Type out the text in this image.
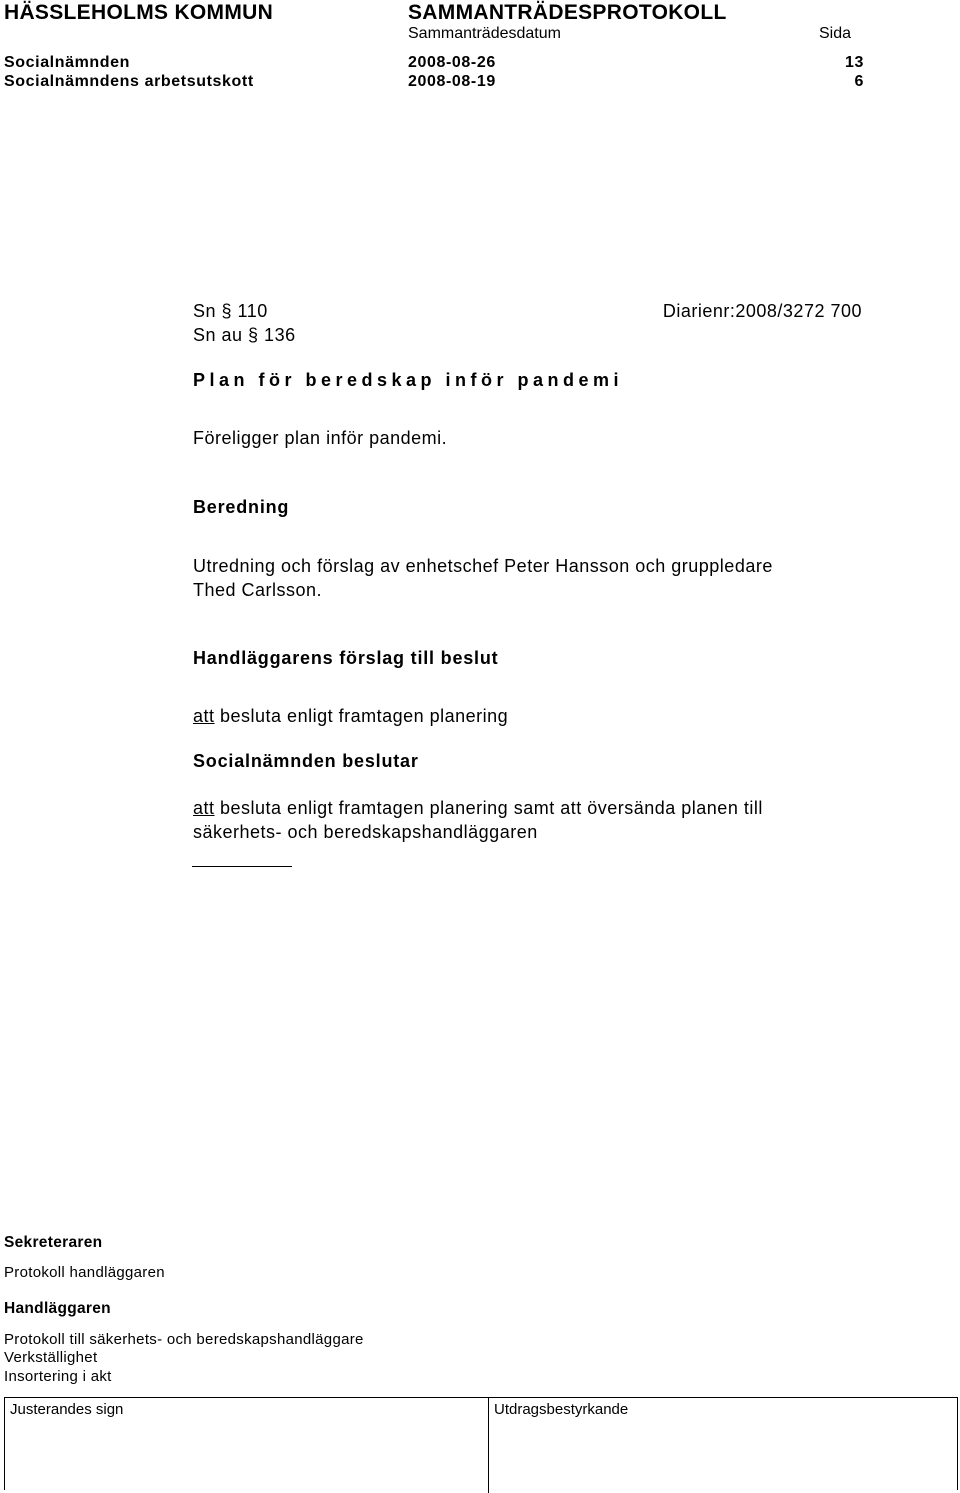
HÄSSLEHOLMS KOMMUN	SAMMANTRÄDESPROTOKOLL
Sammanträdesdatum	Sida
Socialnämnden	2008-08-26	13
Socialnämndens arbetsutskott	2008-08-19	6
Sn § 110	Diarienr:2008/3272 700
Sn au § 136
Plan för beredskap inför pandemi
Föreligger plan inför pandemi.
Beredning
Utredning och förslag av enhetschef Peter Hansson och gruppledare
Thed Carlsson.
Handläggarens förslag till beslut
att besluta enligt framtagen planering
Socialnämnden beslutar
att besluta enligt framtagen planering samt att översända planen till
säkerhets- och beredskapshandläggaren
Sekreteraren
Protokoll handläggaren
Handläggaren
Protokoll till säkerhets- och beredskapshandläggare
Verkställighet
Insortering i akt
Justerandes sign	Utdragsbestyrkande
